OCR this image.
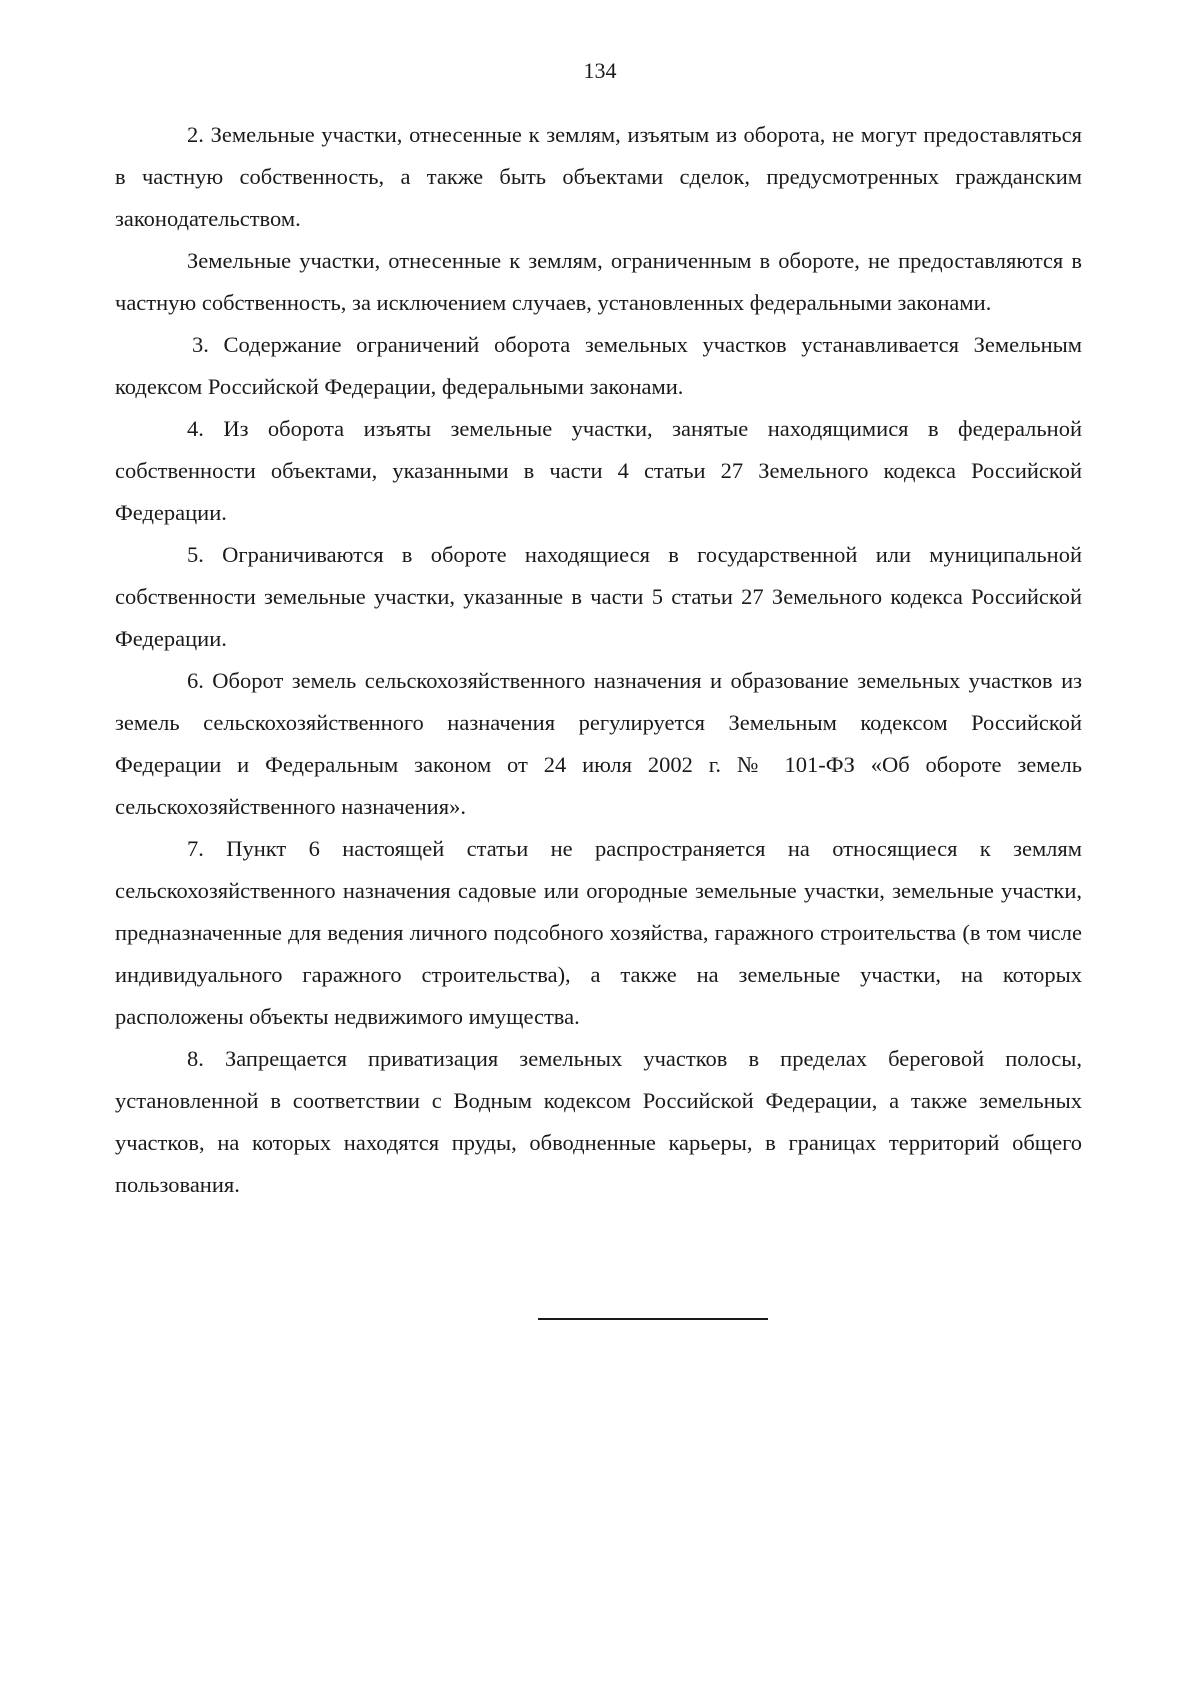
134

2. Земельные участки, отнесенные к землям, изъятым из оборота, не могут предоставляться в частную собственность, а также быть объектами сделок, предусмотренных гражданским законодательством.

Земельные участки, отнесенные к землям, ограниченным в обороте, не предоставляются в частную собственность, за исключением случаев, установленных федеральными законами.

3. Содержание ограничений оборота земельных участков устанавливается Земельным кодексом Российской Федерации, федеральными законами.

4. Из оборота изъяты земельные участки, занятые находящимися в федеральной собственности объектами, указанными в части 4 статьи 27 Земельного кодекса Российской Федерации.

5. Ограничиваются в обороте находящиеся в государственной или муниципальной собственности земельные участки, указанные в части 5 статьи 27 Земельного кодекса Российской Федерации.

6. Оборот земель сельскохозяйственного назначения и образование земельных участков из земель сельскохозяйственного назначения регулируется Земельным кодексом Российской Федерации и Федеральным законом от 24 июля 2002 г. № 101-ФЗ «Об обороте земель сельскохозяйственного назначения».

7. Пункт 6 настоящей статьи не распространяется на относящиеся к землям сельскохозяйственного назначения садовые или огородные земельные участки, земельные участки, предназначенные для ведения личного подсобного хозяйства, гаражного строительства (в том числе индивидуального гаражного строительства), а также на земельные участки, на которых расположены объекты недвижимого имущества.

8. Запрещается приватизация земельных участков в пределах береговой полосы, установленной в соответствии с Водным кодексом Российской Федерации, а также земельных участков, на которых находятся пруды, обводненные карьеры, в границах территорий общего пользования.
